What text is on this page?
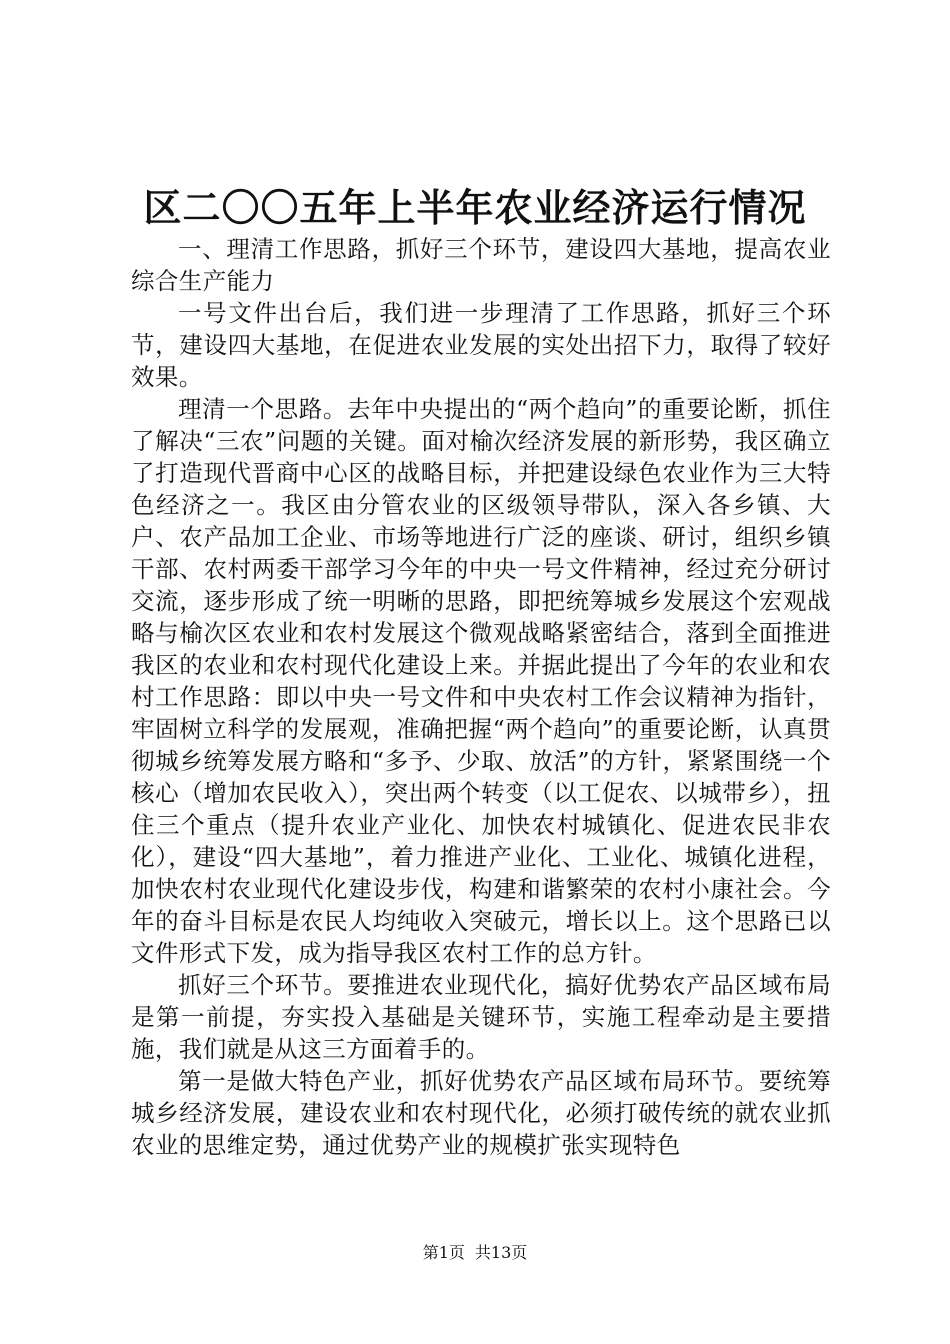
区二〇〇五年上半年农业经济运行情况

一、理清工作思路，抓好三个环节，建设四大基地，提高农业综合生产能力

一号文件出台后，我们进一步理清了工作思路，抓好三个环节，建设四大基地，在促进农业发展的实处出招下力，取得了较好效果。

理清一个思路。去年中央提出的“两个趋向”的重要论断，抓住了解决“三农”问题的关键。面对榆次经济发展的新形势，我区确立了打造现代晋商中心区的战略目标，并把建设绿色农业作为三大特色经济之一。我区由分管农业的区级领导带队，深入各乡镇、大户、农产品加工企业、市场等地进行广泛的座谈、研讨，组织乡镇干部、农村两委干部学习今年的中央一号文件精神，经过充分研讨交流，逐步形成了统一明晰的思路，即把统筹城乡发展这个宏观战略与榆次区农业和农村发展这个微观战略紧密结合，落到全面推进我区的农业和农村现代化建设上来。并据此提出了今年的农业和农村工作思路：即以中央一号文件和中央农村工作会议精神为指针，牢固树立科学的发展观，准确把握“两个趋向”的重要论断，认真贯彻城乡统筹发展方略和“多予、少取、放活”的方针，紧紧围绕一个核心（增加农民收入），突出两个转变（以工促农、以城带乡），扭住三个重点（提升农业产业化、加快农村城镇化、促进农民非农化），建设“四大基地”，着力推进产业化、工业化、城镇化进程，加快农村农业现代化建设步伐，构建和谐繁荣的农村小康社会。今年的奋斗目标是农民人均纯收入突破元，增长以上。这个思路已以文件形式下发，成为指导我区农村工作的总方针。

抓好三个环节。要推进农业现代化，搞好优势农产品区域布局是第一前提，夯实投入基础是关键环节，实施工程牵动是主要措施，我们就是从这三方面着手的。

第一是做大特色产业，抓好优势农产品区域布局环节。要统筹城乡经济发展，建设农业和农村现代化，必须打破传统的就农业抓农业的思维定势，通过优势产业的规模扩张实现特色

第1页 共13页
